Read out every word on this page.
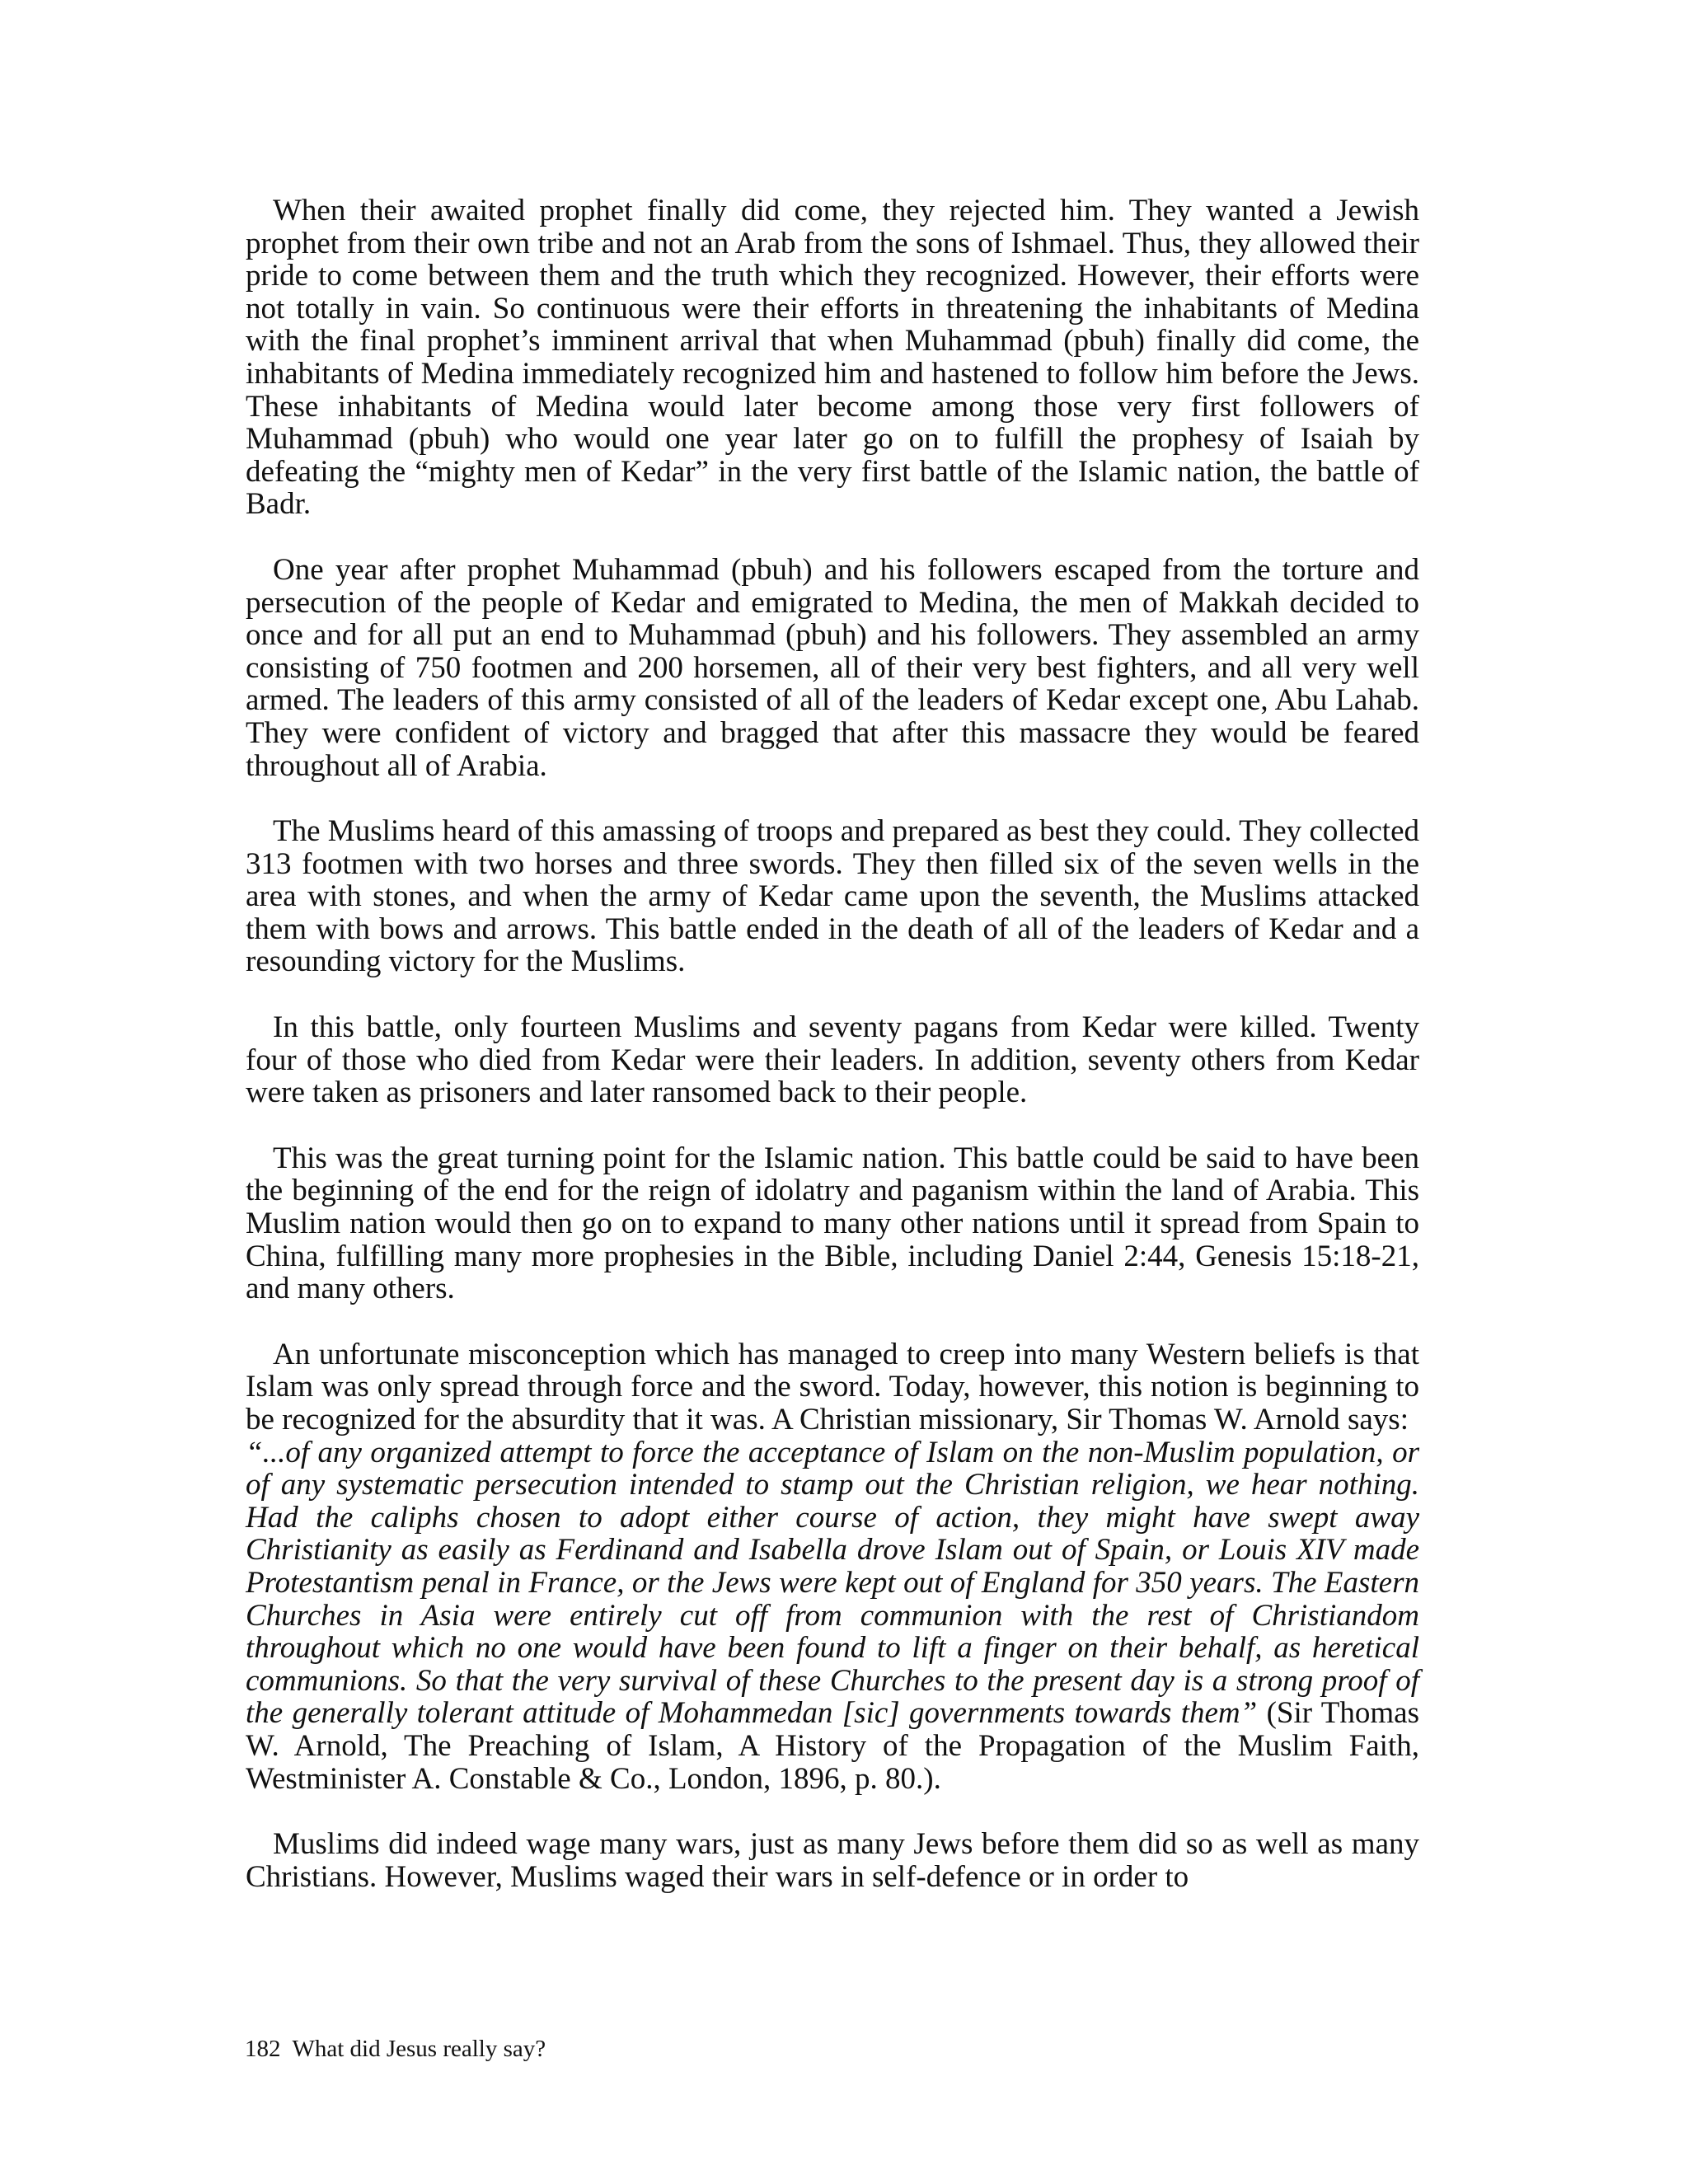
When their awaited prophet finally did come, they rejected him. They wanted a Jewish prophet from their own tribe and not an Arab from the sons of Ishmael. Thus, they allowed their pride to come between them and the truth which they recognized. However, their efforts were not totally in vain. So continuous were their efforts in threatening the inhabitants of Medina with the final prophet’s imminent arrival that when Muhammad (pbuh) finally did come, the inhabitants of Medina immediately recognized him and hastened to follow him before the Jews. These inhabitants of Medina would later become among those very first followers of Muhammad (pbuh) who would one year later go on to fulfill the prophesy of Isaiah by defeating the “mighty men of Kedar” in the very first battle of the Islamic nation, the battle of Badr.

One year after prophet Muhammad (pbuh) and his followers escaped from the torture and persecution of the people of Kedar and emigrated to Medina, the men of Makkah decided to once and for all put an end to Muhammad (pbuh) and his followers. They assembled an army consisting of 750 footmen and 200 horsemen, all of their very best fighters, and all very well armed. The leaders of this army consisted of all of the leaders of Kedar except one, Abu Lahab. They were confident of victory and bragged that after this massacre they would be feared throughout all of Arabia.

The Muslims heard of this amassing of troops and prepared as best they could. They collected 313 footmen with two horses and three swords. They then filled six of the seven wells in the area with stones, and when the army of Kedar came upon the seventh, the Muslims attacked them with bows and arrows. This battle ended in the death of all of the leaders of Kedar and a resounding victory for the Muslims.

In this battle, only fourteen Muslims and seventy pagans from Kedar were killed. Twenty four of those who died from Kedar were their leaders. In addition, seventy others from Kedar were taken as prisoners and later ransomed back to their people.

This was the great turning point for the Islamic nation. This battle could be said to have been the beginning of the end for the reign of idolatry and paganism within the land of Arabia. This Muslim nation would then go on to expand to many other nations until it spread from Spain to China, fulfilling many more prophesies in the Bible, including Daniel 2:44, Genesis 15:18-21, and many others.

An unfortunate misconception which has managed to creep into many Western beliefs is that Islam was only spread through force and the sword. Today, however, this notion is beginning to be recognized for the absurdity that it was. A Christian missionary, Sir Thomas W. Arnold says:
“...of any organized attempt to force the acceptance of Islam on the non-Muslim population, or of any systematic persecution intended to stamp out the Christian religion, we hear nothing. Had the caliphs chosen to adopt either course of action, they might have swept away Christianity as easily as Ferdinand and Isabella drove Islam out of Spain, or Louis XIV made Protestantism penal in France, or the Jews were kept out of England for 350 years. The Eastern Churches in Asia were entirely cut off from communion with the rest of Christiandom throughout which no one would have been found to lift a finger on their behalf, as heretical communions. So that the very survival of these Churches to the present day is a strong proof of the generally tolerant attitude of Mohammedan [sic] governments towards them” (Sir Thomas W. Arnold, The Preaching of Islam, A History of the Propagation of the Muslim Faith, Westminister A. Constable & Co., London, 1896, p. 80.).

Muslims did indeed wage many wars, just as many Jews before them did so as well as many Christians. However, Muslims waged their wars in self-defence or in order to

182 What did Jesus really say?
